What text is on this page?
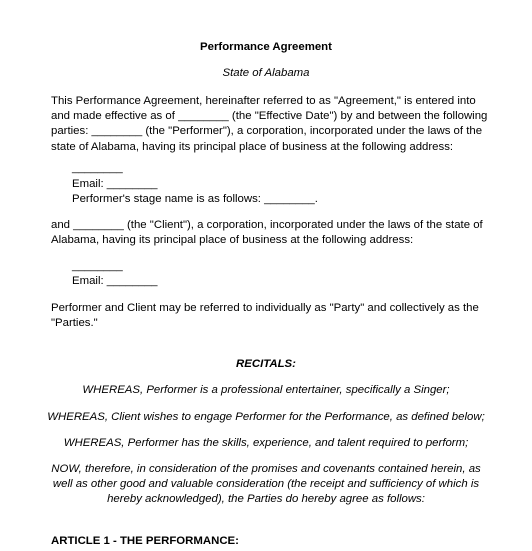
Performance Agreement
State of Alabama
This Performance Agreement, hereinafter referred to as "Agreement," is entered into
and made effective as of ________ (the "Effective Date") by and between the following
parties: ________ (the "Performer"), a corporation, incorporated under the laws of the
state of Alabama, having its principal place of business at the following address:
________
Email: ________
Performer's stage name is as follows: ________.
and ________ (the "Client"), a corporation, incorporated under the laws of the state of
Alabama, having its principal place of business at the following address:
________
Email: ________
Performer and Client may be referred to individually as "Party" and collectively as the
"Parties."
RECITALS:
WHEREAS, Performer is a professional entertainer, specifically a Singer;
WHEREAS, Client wishes to engage Performer for the Performance, as defined below;
WHEREAS, Performer has the skills, experience, and talent required to perform;
NOW, therefore, in consideration of the promises and covenants contained herein, as
well as other good and valuable consideration (the receipt and sufficiency of which is
hereby acknowledged), the Parties do hereby agree as follows:
ARTICLE 1 - THE PERFORMANCE:
